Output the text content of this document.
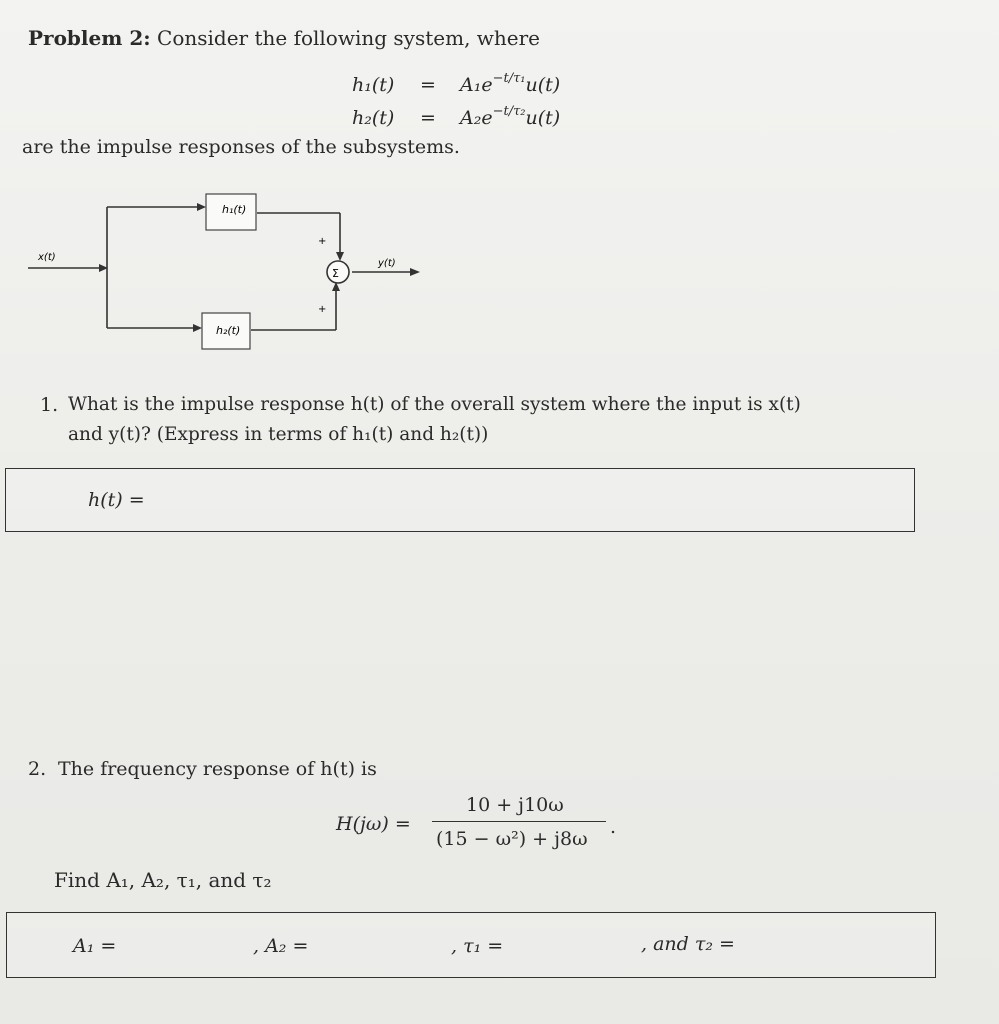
Problem 2: Consider the following system, where
$h_1(t) = A_1e^{-t/\tau_1}u(t)$
$h_2(t) = A_2e^{-t/\tau_2}u(t)$
are the impulse responses of the subsystems.
h₁(t)
h₂(t)
x(t)
y(t)
Σ
+
+
1. What is the impulse response h(t) of the overall system where the input is x(t)
and y(t)? (Express in terms of h₁(t) and h₂(t))
h(t) =
2. The frequency response of h(t) is
H(jω) =
10 + j10ω
(15 − ω²) + j8ω
.
Find A₁, A₂, τ₁, and τ₂
A₁ =	, A₂ =	, τ₁ =	, and τ₂ =
